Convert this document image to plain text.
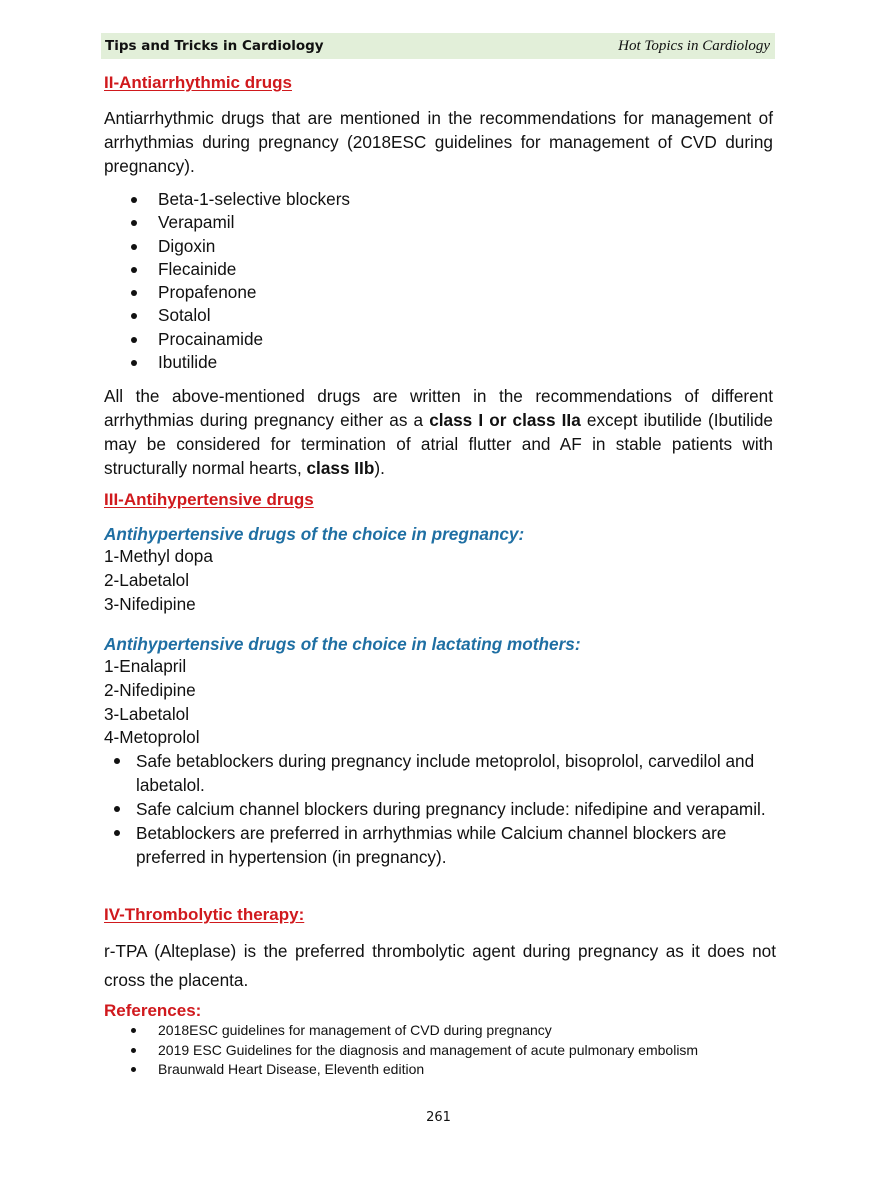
Tips and Tricks in Cardiology	Hot Topics in Cardiology
II-Antiarrhythmic drugs

Antiarrhythmic drugs that are mentioned in the recommendations for management of arrhythmias during pregnancy (2018ESC guidelines for management of CVD during pregnancy).

Beta-1-selective blockers
Verapamil
Digoxin
Flecainide
Propafenone
Sotalol
Procainamide
Ibutilide

All the above-mentioned drugs are written in the recommendations of different arrhythmias during pregnancy either as a class I or class IIa except ibutilide (Ibutilide may be considered for termination of atrial flutter and AF in stable patients with structurally normal hearts, class IIb).

III-Antihypertensive drugs
Antihypertensive drugs of the choice in pregnancy:
1-Methyl dopa
2-Labetalol
3-Nifedipine
Antihypertensive drugs of the choice in lactating mothers:
1-Enalapril
2-Nifedipine
3-Labetalol
4-Metoprolol
Safe betablockers during pregnancy include metoprolol, bisoprolol, carvedilol and labetalol.
Safe calcium channel blockers during pregnancy include: nifedipine and verapamil.
Betablockers are preferred in arrhythmias while Calcium channel blockers are preferred in hypertension (in pregnancy).
IV-Thrombolytic therapy:

r-TPA (Alteplase) is the preferred thrombolytic agent during pregnancy as it does not cross the placenta.

References:
2018ESC guidelines for management of CVD during pregnancy
2019 ESC Guidelines for the diagnosis and management of acute pulmonary embolism
Braunwald Heart Disease, Eleventh edition
261
